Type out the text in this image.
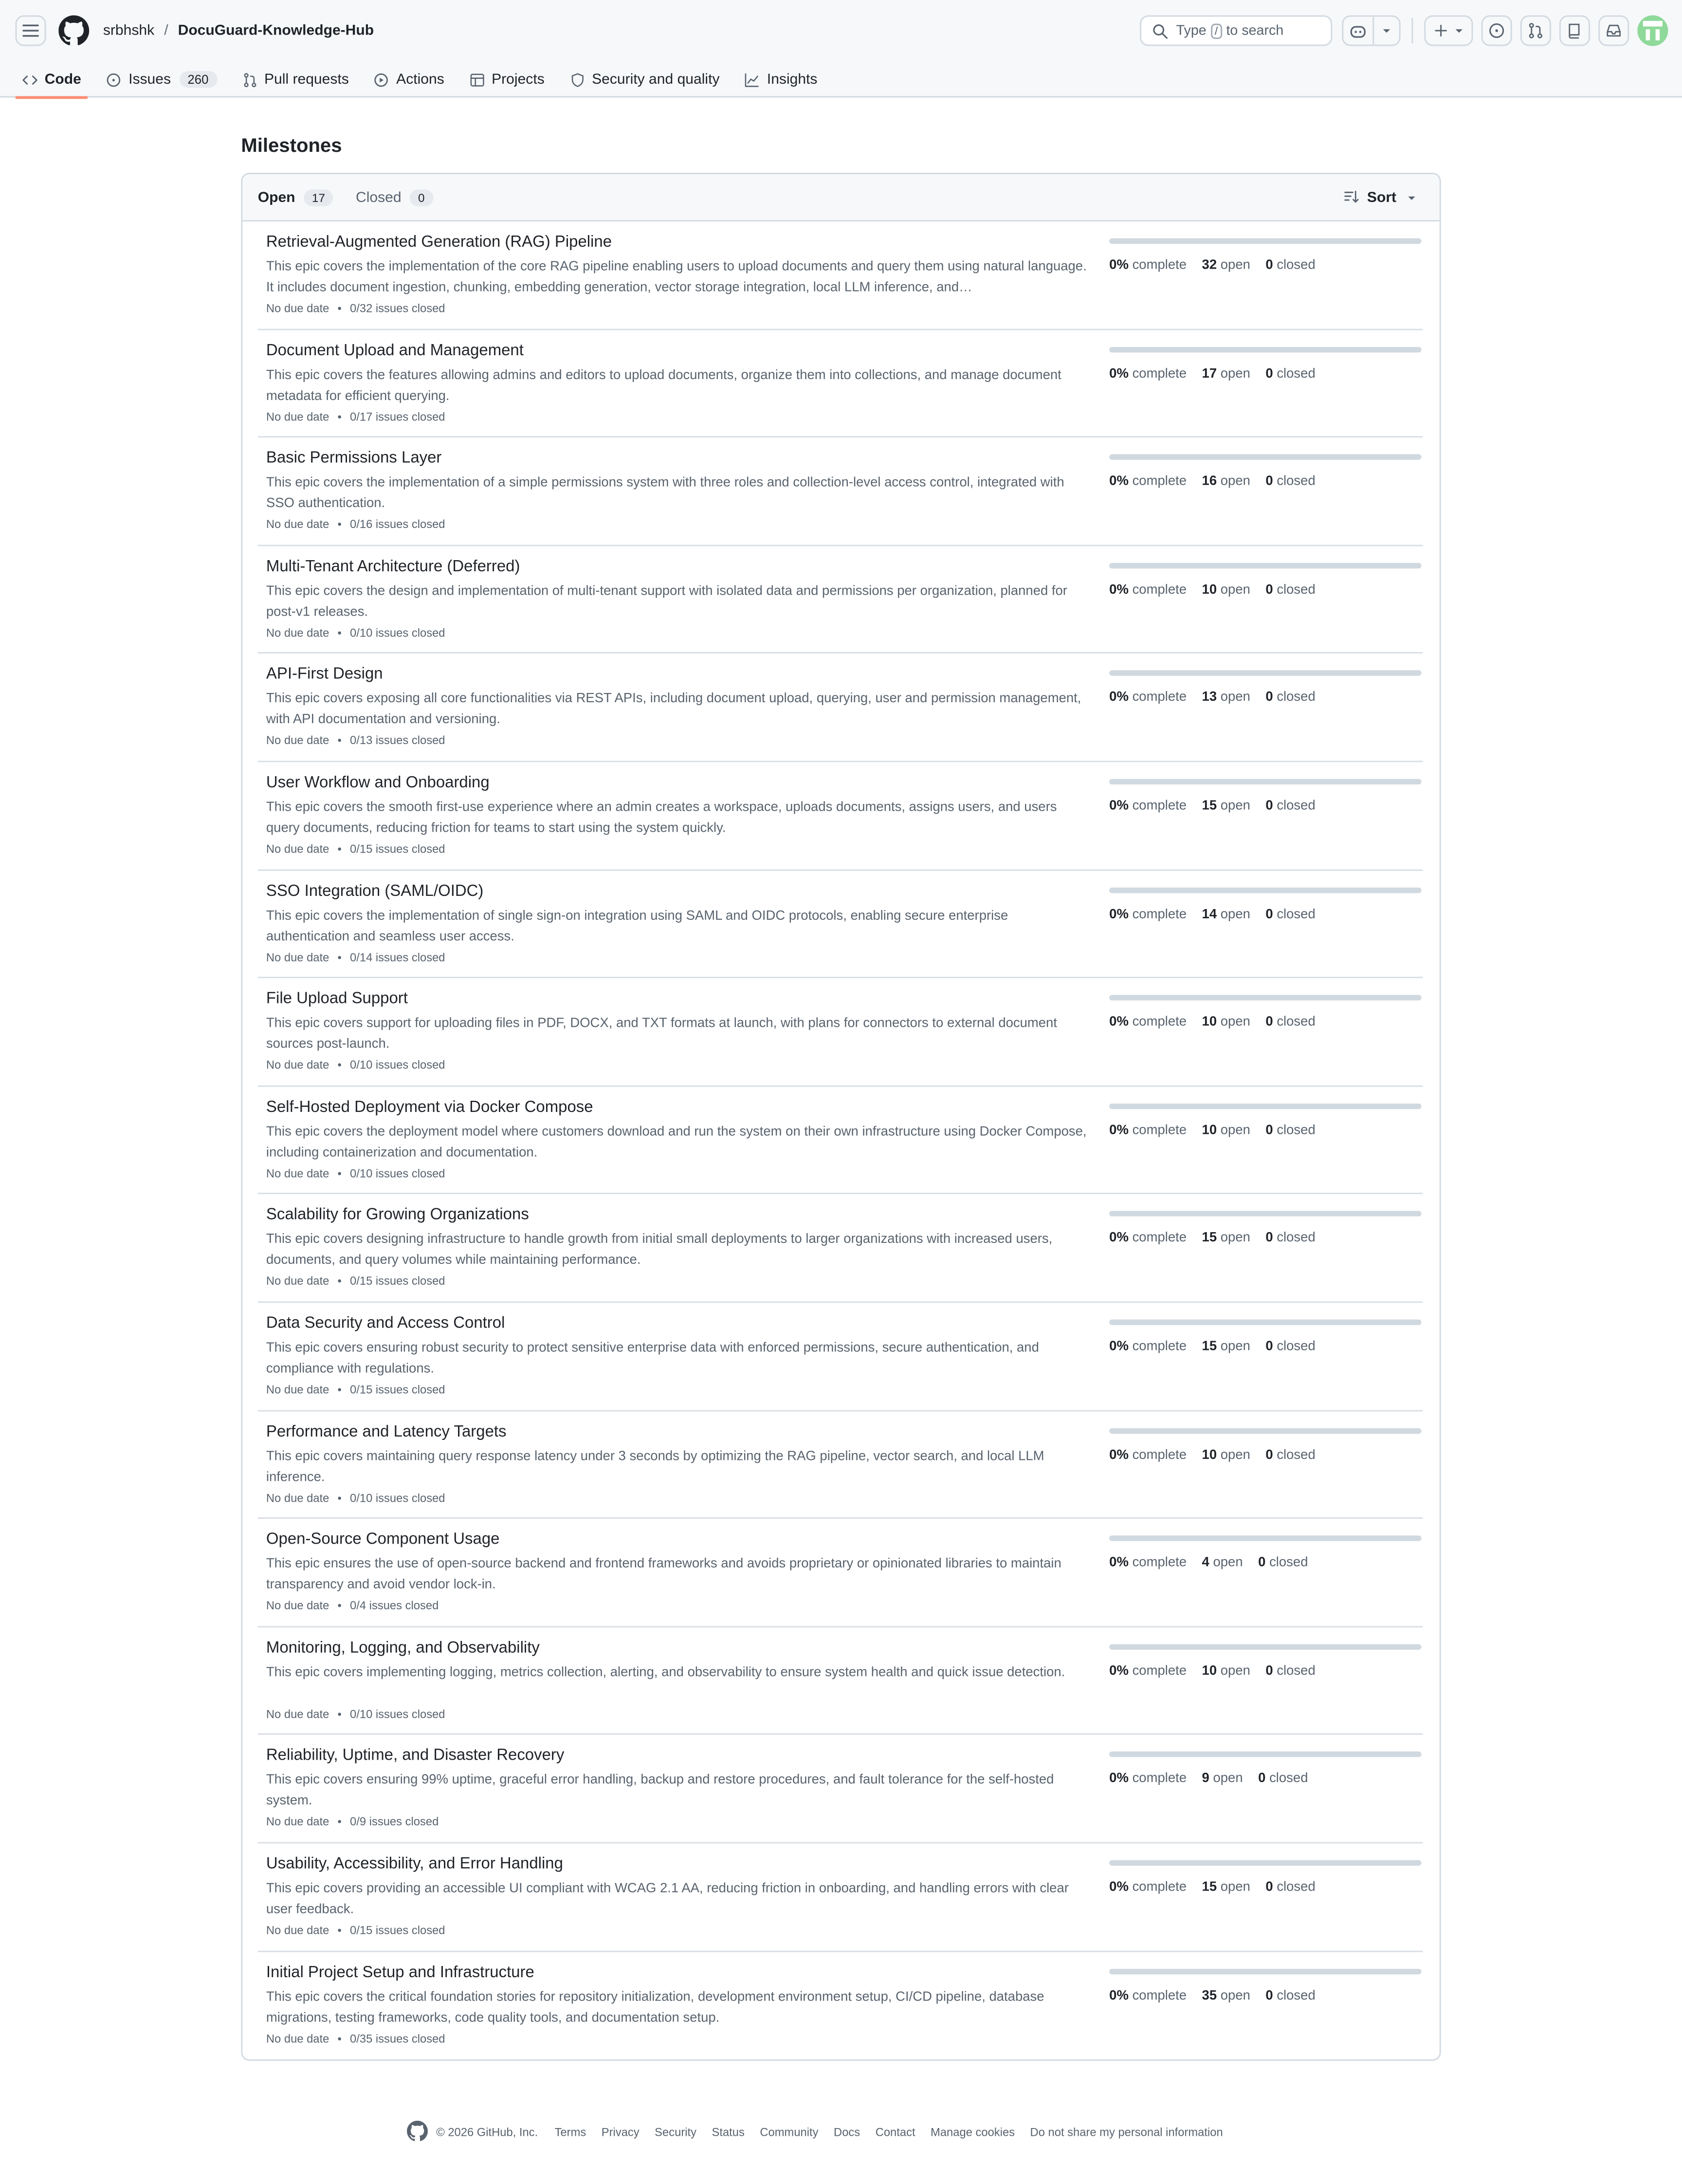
srbhshk / DocuGuard-Knowledge-Hub	Type	/	to search
Code	Issues	260	Pull requests	Actions	Projects	Security and quality	Insights
Milestones
Open	17	Closed	0	Sort
Retrieval-Augmented Generation (RAG) Pipeline
This epic covers the implementation of the core RAG pipeline enabling users to upload documents and query them using natural language. It includes document ingestion, chunking, embedding generation, vector storage integration, local LLM inference, and…
No due date • 0/32 issues closed
0% complete	32 open	0 closed
Document Upload and Management
This epic covers the features allowing admins and editors to upload documents, organize them into collections, and manage document metadata for efficient querying.
No due date • 0/17 issues closed
0% complete	17 open	0 closed
Basic Permissions Layer
This epic covers the implementation of a simple permissions system with three roles and collection-level access control, integrated with SSO authentication.
No due date • 0/16 issues closed
0% complete	16 open	0 closed
Multi-Tenant Architecture (Deferred)
This epic covers the design and implementation of multi-tenant support with isolated data and permissions per organization, planned for post-v1 releases.
No due date • 0/10 issues closed
0% complete	10 open	0 closed
API-First Design
This epic covers exposing all core functionalities via REST APIs, including document upload, querying, user and permission management, with API documentation and versioning.
No due date • 0/13 issues closed
0% complete	13 open	0 closed
User Workflow and Onboarding
This epic covers the smooth first-use experience where an admin creates a workspace, uploads documents, assigns users, and users query documents, reducing friction for teams to start using the system quickly.
No due date • 0/15 issues closed
0% complete	15 open	0 closed
SSO Integration (SAML/OIDC)
This epic covers the implementation of single sign-on integration using SAML and OIDC protocols, enabling secure enterprise authentication and seamless user access.
No due date • 0/14 issues closed
0% complete	14 open	0 closed
File Upload Support
This epic covers support for uploading files in PDF, DOCX, and TXT formats at launch, with plans for connectors to external document sources post-launch.
No due date • 0/10 issues closed
0% complete	10 open	0 closed
Self-Hosted Deployment via Docker Compose
This epic covers the deployment model where customers download and run the system on their own infrastructure using Docker Compose, including containerization and documentation.
No due date • 0/10 issues closed
0% complete	10 open	0 closed
Scalability for Growing Organizations
This epic covers designing infrastructure to handle growth from initial small deployments to larger organizations with increased users, documents, and query volumes while maintaining performance.
No due date • 0/15 issues closed
0% complete	15 open	0 closed
Data Security and Access Control
This epic covers ensuring robust security to protect sensitive enterprise data with enforced permissions, secure authentication, and compliance with regulations.
No due date • 0/15 issues closed
0% complete	15 open	0 closed
Performance and Latency Targets
This epic covers maintaining query response latency under 3 seconds by optimizing the RAG pipeline, vector search, and local LLM inference.
No due date • 0/10 issues closed
0% complete	10 open	0 closed
Open-Source Component Usage
This epic ensures the use of open-source backend and frontend frameworks and avoids proprietary or opinionated libraries to maintain transparency and avoid vendor lock-in.
No due date • 0/4 issues closed
0% complete	4 open	0 closed
Monitoring, Logging, and Observability
This epic covers implementing logging, metrics collection, alerting, and observability to ensure system health and quick issue detection.
No due date • 0/10 issues closed
0% complete	10 open	0 closed
Reliability, Uptime, and Disaster Recovery
This epic covers ensuring 99% uptime, graceful error handling, backup and restore procedures, and fault tolerance for the self-hosted system.
No due date • 0/9 issues closed
0% complete	9 open	0 closed
Usability, Accessibility, and Error Handling
This epic covers providing an accessible UI compliant with WCAG 2.1 AA, reducing friction in onboarding, and handling errors with clear user feedback.
No due date • 0/15 issues closed
0% complete	15 open	0 closed
Initial Project Setup and Infrastructure
This epic covers the critical foundation stories for repository initialization, development environment setup, CI/CD pipeline, database migrations, testing frameworks, code quality tools, and documentation setup.
No due date • 0/35 issues closed
0% complete	35 open	0 closed
© 2026 GitHub, Inc.	Terms	Privacy	Security	Status	Community	Docs	Contact	Manage cookies	Do not share my personal information
